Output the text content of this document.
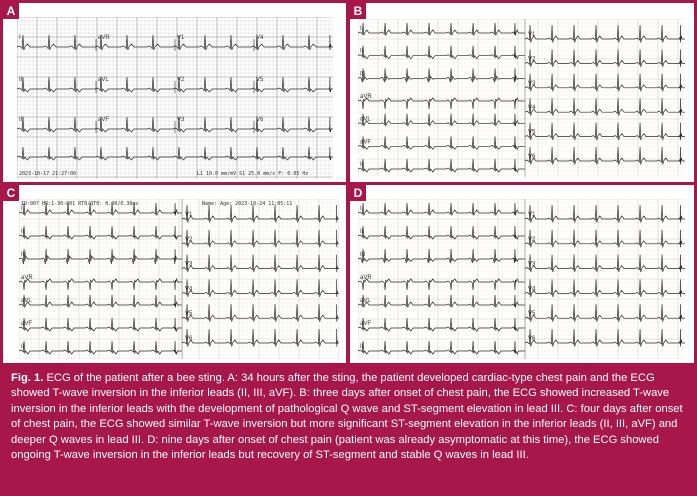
A
I	aVR	V1	V4
II	aVL	V2	V5
III	aVF	V3	V6
2023-10-17 21:27:00	L1 10.0 mm/mV S1 25.0 mm/s F: 0.05 Hz
B
I
II
III
aVR
aVL
aVF
II
V1
V2
V3
V4
V5
V6
C
ID:007 HR:1-30-801 RT0/QT0: 0.0R/0.36ms	Name: Age: 2023-10-24 11:05:11
I
II
III
aVR
aVL
aVF
II
V1
V2
V3
V4
V5
V6
D
I
II
III
aVR
aVL
aVF
II
V1
V2
V3
V4
V5
V6
Fig. 1. ECG of the patient after a bee sting. A: 34 hours after the sting, the patient developed cardiac-type chest pain and the ECG showed T-wave inversion in the inferior leads (II, III, aVF). B: three days after onset of chest pain, the ECG showed increased T-wave inversion in the inferior leads with the development of pathological Q wave and ST-segment elevation in lead III. C: four days after onset of chest pain, the ECG showed similar T-wave inversion but more significant ST-segment elevation in the inferior leads (II, III, aVF) and deeper Q waves in lead III. D: nine days after onset of chest pain (patient was already asymptomatic at this time), the ECG showed ongoing T-wave inversion in the inferior leads but recovery of ST-segment and stable Q waves in lead III.
